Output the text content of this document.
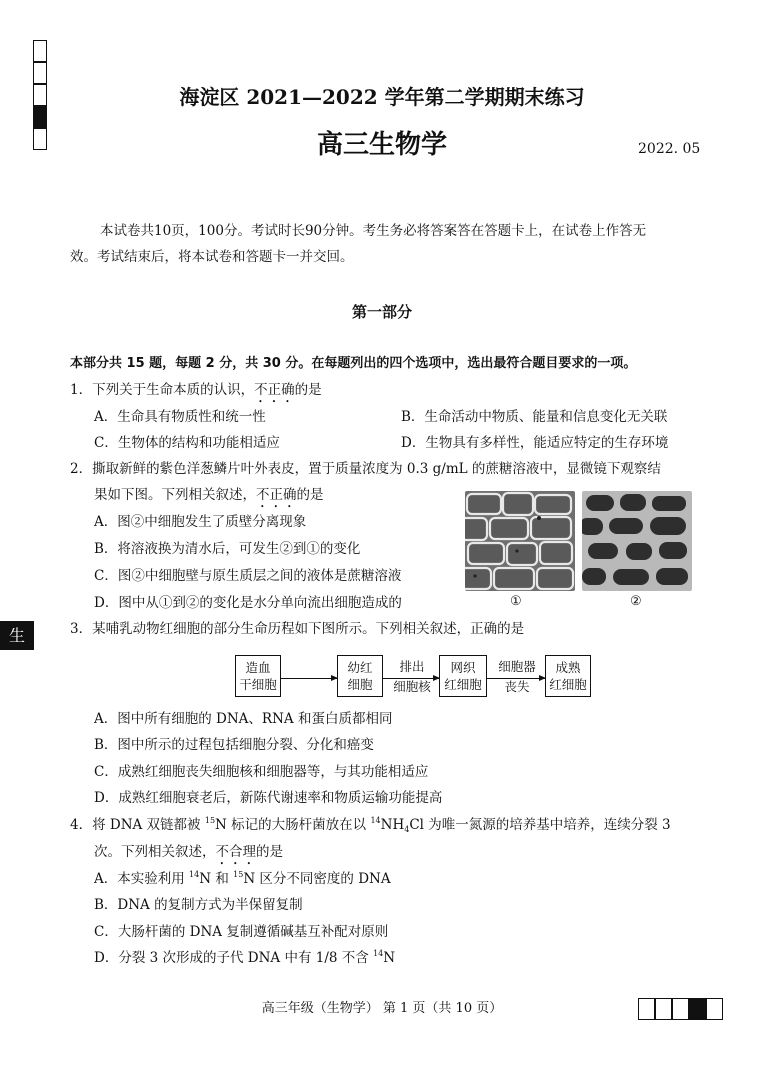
海淀区 2021—2022 学年第二学期期末练习
高三生物学	2022. 05
本试卷共10页，100分。考试时长90分钟。考生务必将答案答在答题卡上，在试卷上作答无
效。考试结束后，将本试卷和答题卡一并交回。
第一部分
本部分共 15 题，每题 2 分，共 30 分。在每题列出的四个选项中，选出最符合题目要求的一项。
1．下列关于生命本质的认识，不正确的是
A．生命具有物质性和统一性	B．生命活动中物质、能量和信息变化无关联
C．生物体的结构和功能相适应	D．生物具有多样性，能适应特定的生存环境
2．撕取新鲜的紫色洋葱鳞片叶外表皮，置于质量浓度为 0.3 g/mL 的蔗糖溶液中，显微镜下观察结
果如下图。下列相关叙述，不正确的是
A．图②中细胞发生了质壁分离现象
B．将溶液换为清水后，可发生②到①的变化
C．图②中细胞壁与原生质层之间的液体是蔗糖溶液
D．图中从①到②的变化是水分单向流出细胞造成的	①	②
生	3．某哺乳动物红细胞的部分生命历程如下图所示。下列相关叙述，正确的是
造血
干细胞
幼红
细胞
排出
细胞核
网织
红细胞
细胞器
丧失
成熟
红细胞
A．图中所有细胞的 DNA、RNA 和蛋白质都相同
B．图中所示的过程包括细胞分裂、分化和癌变
C．成熟红细胞丧失细胞核和细胞器等，与其功能相适应
D．成熟红细胞衰老后，新陈代谢速率和物质运输功能提高
4．将 DNA 双链都被 $^{15}$N 标记的大肠杆菌放在以 $^{14}NH_4Cl$ 为唯一氮源的培养基中培养，连续分裂 3
次。下列相关叙述，不合理的是
A．本实验利用 $^{14}$N 和 $^{15}$N 区分不同密度的 DNA
B．DNA 的复制方式为半保留复制
C．大肠杆菌的 DNA 复制遵循碱基互补配对原则
D．分裂 3 次形成的子代 DNA 中有 1/8 不含 $^{14}$N
高三年级（生物学） 第 1 页（共 10 页）
